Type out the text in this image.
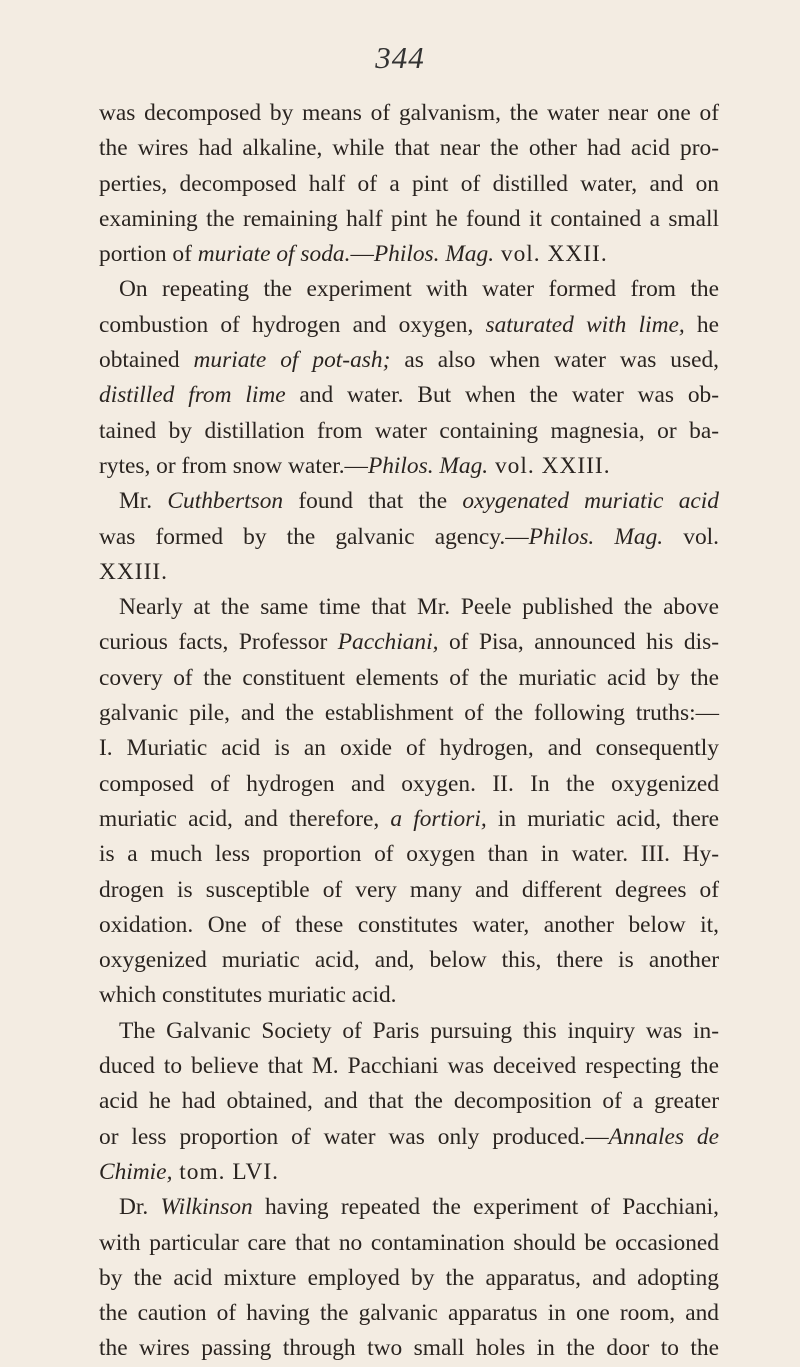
344
was decomposed by means of galvanism, the water near one of
the wires had alkaline, while that near the other had acid pro-
perties, decomposed half of a pint of distilled water, and on
examining the remaining half pint he found it contained a small
portion of muriate of soda.—Philos. Mag. vol. XXII.
On repeating the experiment with water formed from the
combustion of hydrogen and oxygen, saturated with lime, he
obtained muriate of pot-ash; as also when water was used,
distilled from lime and water. But when the water was ob-
tained by distillation from water containing magnesia, or ba-
rytes, or from snow water.—Philos. Mag. vol. XXIII.
Mr. Cuthbertson found that the oxygenated muriatic acid
was formed by the galvanic agency.—Philos. Mag. vol.
XXIII.
Nearly at the same time that Mr. Peele published the above
curious facts, Professor Pacchiani, of Pisa, announced his dis-
covery of the constituent elements of the muriatic acid by the
galvanic pile, and the establishment of the following truths:—
I. Muriatic acid is an oxide of hydrogen, and consequently
composed of hydrogen and oxygen. II. In the oxygenized
muriatic acid, and therefore, a fortiori, in muriatic acid, there
is a much less proportion of oxygen than in water. III. Hy-
drogen is susceptible of very many and different degrees of
oxidation. One of these constitutes water, another below it,
oxygenized muriatic acid, and, below this, there is another
which constitutes muriatic acid.
The Galvanic Society of Paris pursuing this inquiry was in-
duced to believe that M. Pacchiani was deceived respecting the
acid he had obtained, and that the decomposition of a greater
or less proportion of water was only produced.—Annales de
Chimie, tom. LVI.
Dr. Wilkinson having repeated the experiment of Pacchiani,
with particular care that no contamination should be occasioned
by the acid mixture employed by the apparatus, and adopting
the caution of having the galvanic apparatus in one room, and
the wires passing through two small holes in the door to the
